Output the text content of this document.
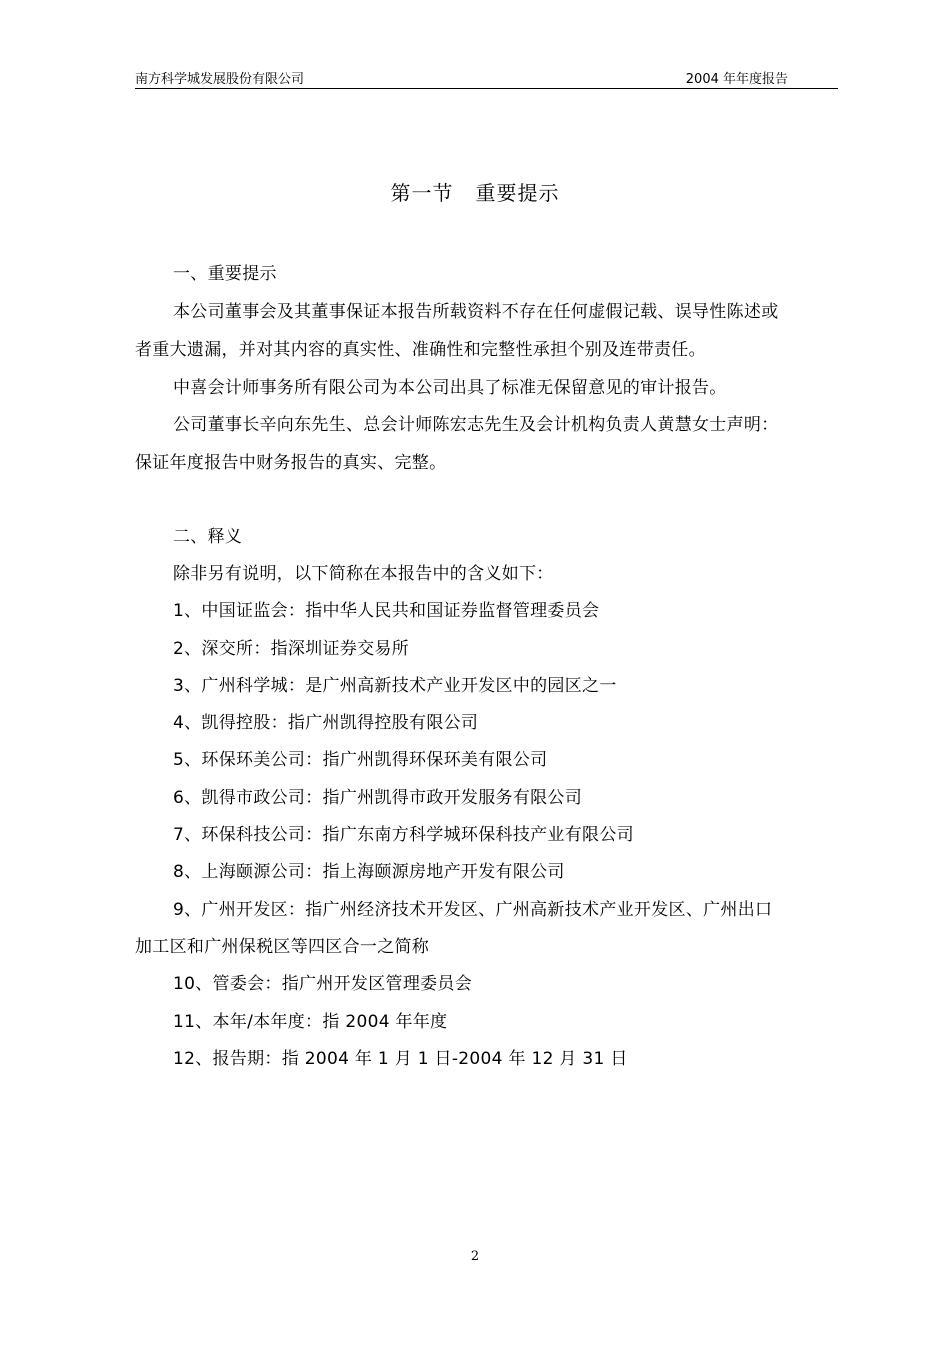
南方科学城发展股份有限公司	2004 年年度报告
第一节 重要提示
一、重要提示
本公司董事会及其董事保证本报告所载资料不存在任何虚假记载、误导性陈述或
者重大遗漏，并对其内容的真实性、准确性和完整性承担个别及连带责任。
中喜会计师事务所有限公司为本公司出具了标准无保留意见的审计报告。
公司董事长辛向东先生、总会计师陈宏志先生及会计机构负责人黄慧女士声明：
保证年度报告中财务报告的真实、完整。
二、释义
除非另有说明，以下简称在本报告中的含义如下：
1、中国证监会：指中华人民共和国证券监督管理委员会
2、深交所：指深圳证券交易所
3、广州科学城：是广州高新技术产业开发区中的园区之一
4、凯得控股：指广州凯得控股有限公司
5、环保环美公司：指广州凯得环保环美有限公司
6、凯得市政公司：指广州凯得市政开发服务有限公司
7、环保科技公司：指广东南方科学城环保科技产业有限公司
8、上海颐源公司：指上海颐源房地产开发有限公司
9、广州开发区：指广州经济技术开发区、广州高新技术产业开发区、广州出口
加工区和广州保税区等四区合一之简称
10、管委会：指广州开发区管理委员会
11、本年/本年度：指 2004 年年度
12、报告期：指 2004 年 1 月 1 日-2004 年 12 月 31 日
2
